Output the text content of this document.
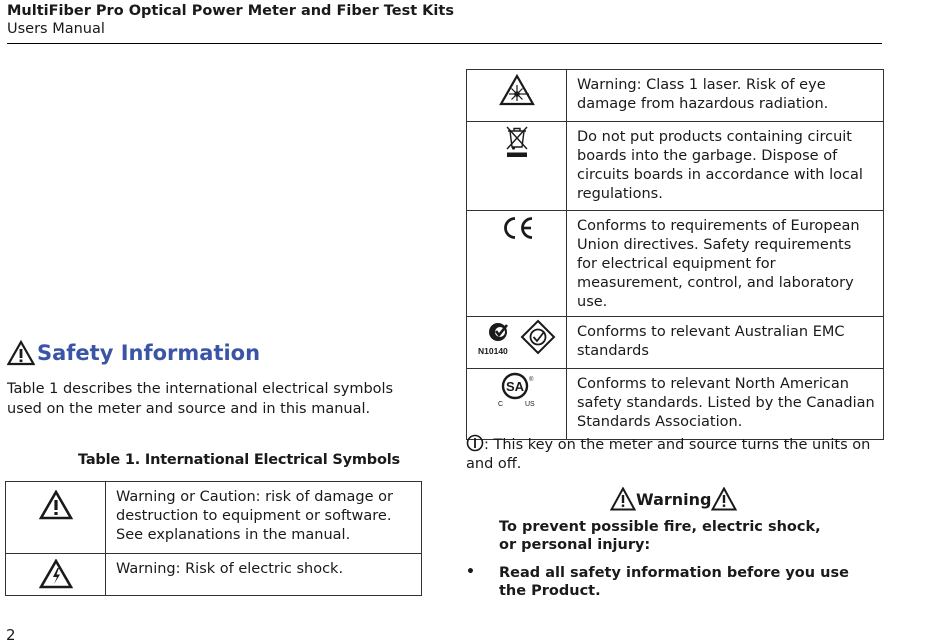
MultiFiber Pro Optical Power Meter and Fiber Test Kits
Users Manual
Safety Information
Table 1 describes the international electrical symbols used on the meter and source and in this manual.
Table 1. International Electrical Symbols
	Warning or Caution: risk of damage or destruction to equipment or software. See explanations in the manual.
	Warning: Risk of electric shock.
	Warning: Class 1 laser. Risk of eye damage from hazardous radiation.
	Do not put products containing circuit boards into the garbage. Dispose of circuits boards in accordance with local regulations.
	Conforms to requirements of European Union directives. Safety requirements for electrical equipment for measurement, control, and laboratory use.

N10140	Conforms to relevant Australian EMC standards

SA ®
C US	Conforms to relevant North American safety standards. Listed by the Canadian Standards Association.
: This key on the meter and source turns the units on and off.
Warning
To prevent possible fire, electric shock, or personal injury:
• Read all safety information before you use the Product.
2
